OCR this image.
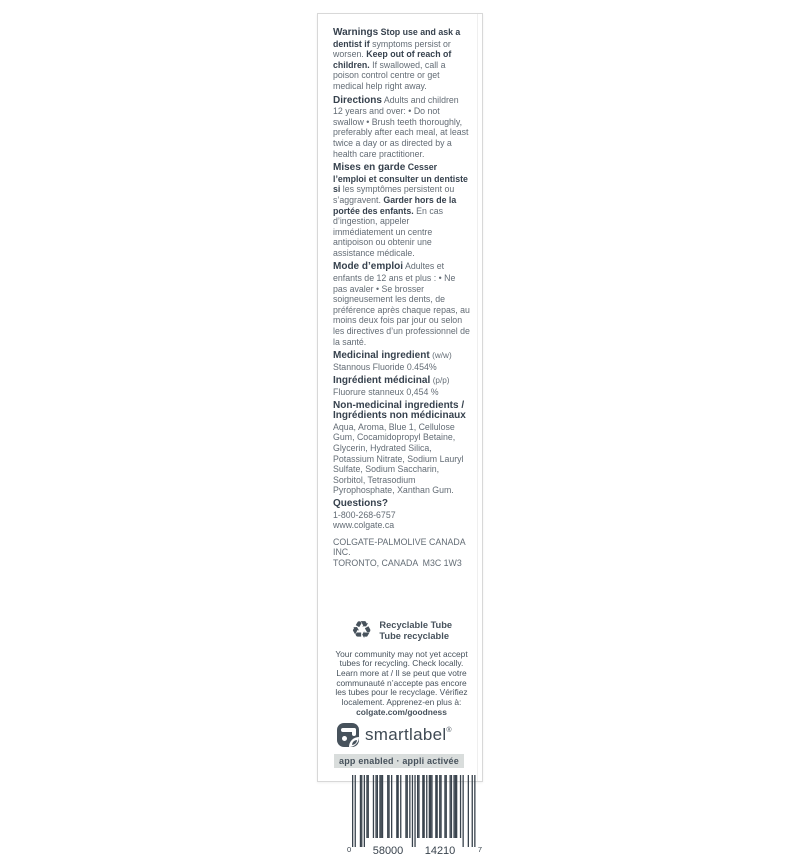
Warnings Stop use and ask a dentist if symptoms persist or worsen. Keep out of reach of children. If swallowed, call a poison control centre or get medical help right away.

Directions Adults and children 12 years and over: • Do not swallow • Brush teeth thoroughly, preferably after each meal, at least twice a day or as directed by a health care practitioner.

Mises en garde Cesser l’emploi et consulter un dentiste si les symptômes persistent ou s’aggravent. Garder hors de la portée des enfants. En cas d’ingestion, appeler immédiatement un centre antipoison ou obtenir une assistance médicale.

Mode d’emploi Adultes et enfants de 12 ans et plus : • Ne pas avaler • Se brosser soigneusement les dents, de préférence après chaque repas, au moins deux fois par jour ou selon les directives d’un professionnel de la santé.

Medicinal ingredient (w/w)
Stannous Fluoride 0.454%

Ingrédient médicinal (p/p)
Fluorure stanneux 0,454 %

Non-medicinal ingredients /
Ingrédients non médicinaux
Aqua, Aroma, Blue 1, Cellulose Gum, Cocamidopropyl Betaine, Glycerin, Hydrated Silica, Potassium Nitrate, Sodium Lauryl Sulfate, Sodium Saccharin, Sorbitol, Tetrasodium Pyrophosphate, Xanthan Gum.

Questions?
1-800-268-6757
www.colgate.ca

COLGATE-PALMOLIVE CANADA INC.
TORONTO, CANADA  M3C 1W3

♻ Recyclable Tube
Tube recyclable
Your community may not yet accept tubes for recycling. Check locally. Learn more at / Il se peut que votre communauté n’accepte pas encore les tubes pour le recyclage. Vérifiez localement. Apprenez-en plus à:
colgate.com/goodness
smartlabel®
app enabled · appli activée
0 58000 14210	7
